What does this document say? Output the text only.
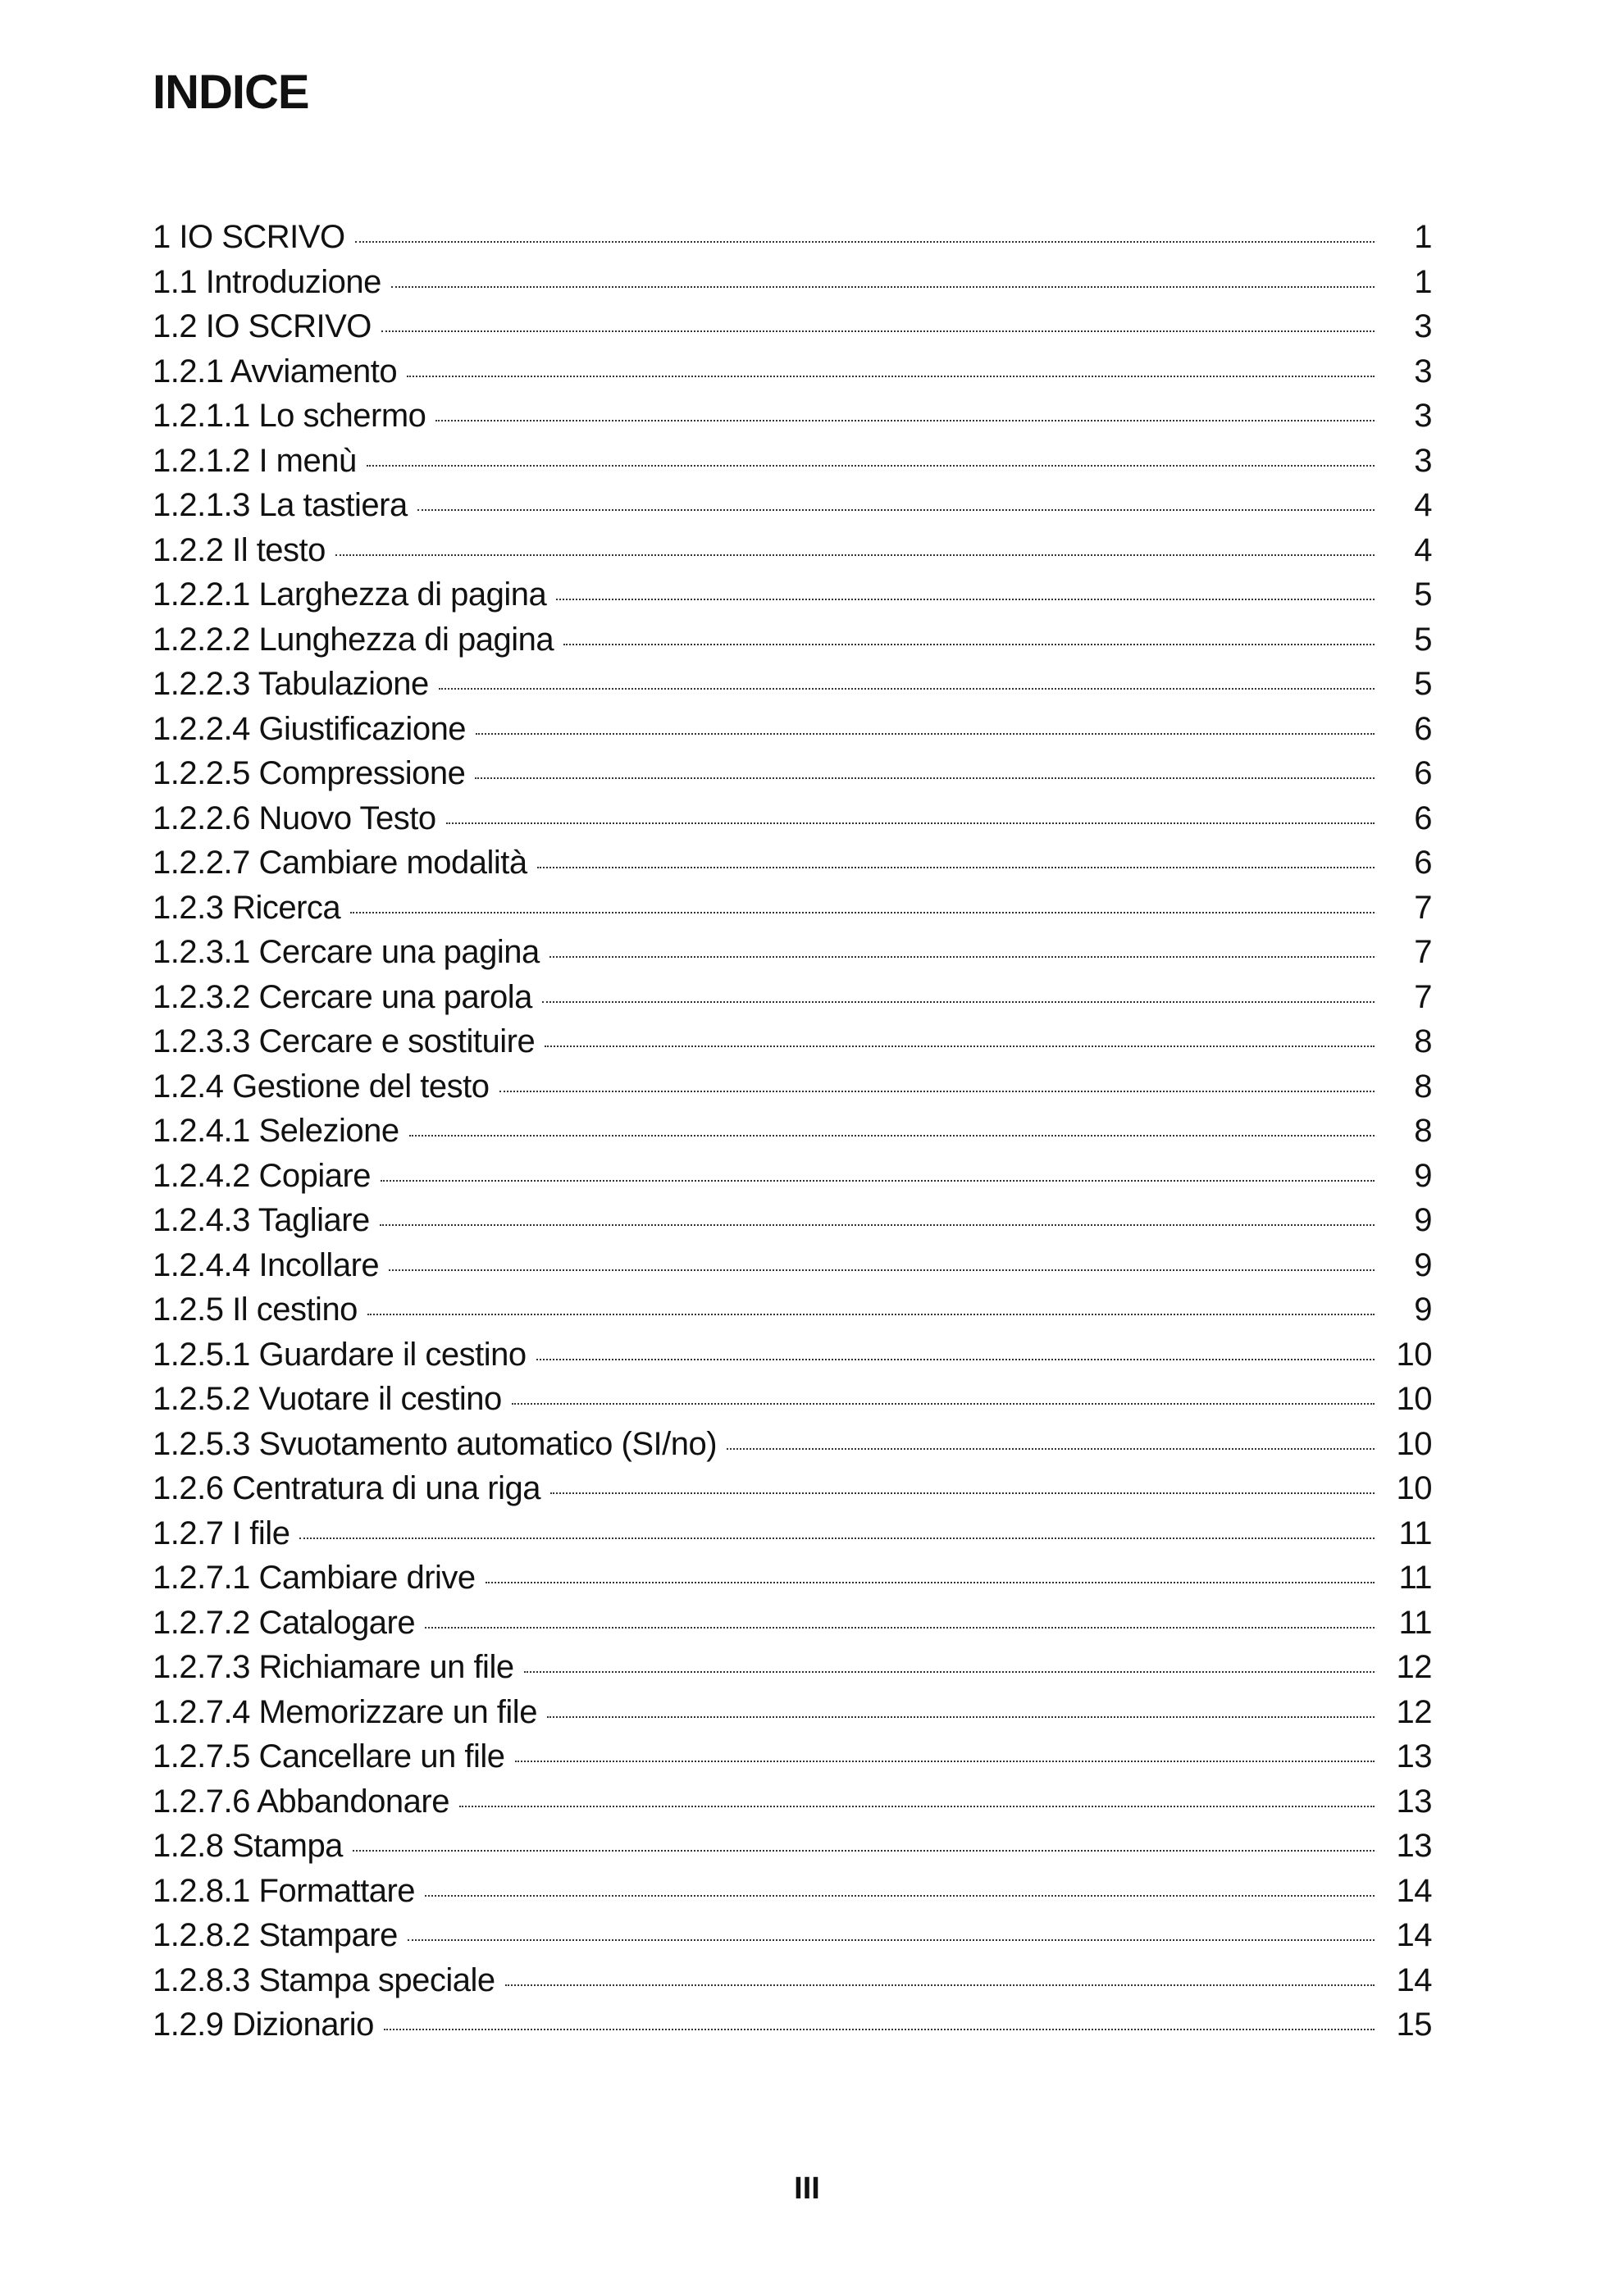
INDICE
1 IO SCRIVO	1
1.1 Introduzione	1
1.2 IO SCRIVO	3
1.2.1 Avviamento	3
1.2.1.1 Lo schermo	3
1.2.1.2 I menù	3
1.2.1.3 La tastiera	4
1.2.2 Il testo	4
1.2.2.1 Larghezza di pagina	5
1.2.2.2 Lunghezza di pagina	5
1.2.2.3 Tabulazione	5
1.2.2.4 Giustificazione	6
1.2.2.5 Compressione	6
1.2.2.6 Nuovo Testo	6
1.2.2.7 Cambiare modalità	6
1.2.3 Ricerca	7
1.2.3.1 Cercare una pagina	7
1.2.3.2 Cercare una parola	7
1.2.3.3 Cercare e sostituire	8
1.2.4 Gestione del testo	8
1.2.4.1 Selezione	8
1.2.4.2 Copiare	9
1.2.4.3 Tagliare	9
1.2.4.4 Incollare	9
1.2.5 Il cestino	9
1.2.5.1 Guardare il cestino	10
1.2.5.2 Vuotare il cestino	10
1.2.5.3 Svuotamento automatico (SI/no)	10
1.2.6 Centratura di una riga	10
1.2.7 I file	11
1.2.7.1 Cambiare drive	11
1.2.7.2 Catalogare	11
1.2.7.3 Richiamare un file	12
1.2.7.4 Memorizzare un file	12
1.2.7.5 Cancellare un file	13
1.2.7.6 Abbandonare	13
1.2.8 Stampa	13
1.2.8.1 Formattare	14
1.2.8.2 Stampare	14
1.2.8.3 Stampa speciale	14
1.2.9 Dizionario	15
III
